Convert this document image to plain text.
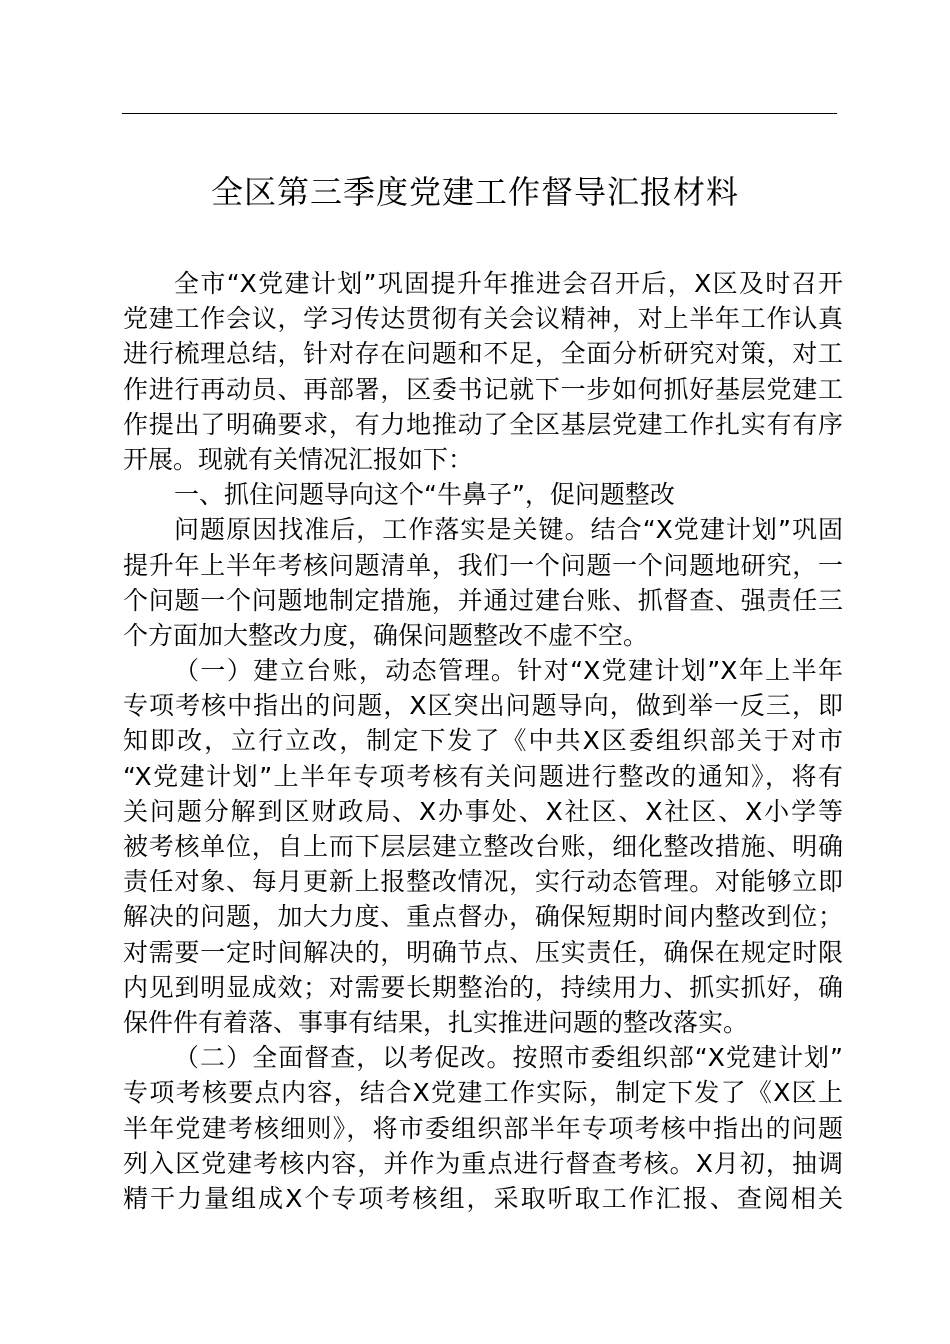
全区第三季度党建工作督导汇报材料
全市“X党建计划”巩固提升年推进会召开后，X区及时召开
党建工作会议，学习传达贯彻有关会议精神，对上半年工作认真
进行梳理总结，针对存在问题和不足，全面分析研究对策，对工
作进行再动员、再部署，区委书记就下一步如何抓好基层党建工
作提出了明确要求，有力地推动了全区基层党建工作扎实有有序
开展。现就有关情况汇报如下：
一、抓住问题导向这个“牛鼻子”，促问题整改
问题原因找准后，工作落实是关键。结合“X党建计划”巩固
提升年上半年考核问题清单，我们一个问题一个问题地研究，一
个问题一个问题地制定措施，并通过建台账、抓督查、强责任三
个方面加大整改力度，确保问题整改不虚不空。
（一）建立台账，动态管理。针对“X党建计划”X年上半年
专项考核中指出的问题，X区突出问题导向，做到举一反三，即
知即改，立行立改，制定下发了《中共X区委组织部关于对市
“X党建计划”上半年专项考核有关问题进行整改的通知》，将有
关问题分解到区财政局、X办事处、X社区、X社区、X小学等
被考核单位，自上而下层层建立整改台账，细化整改措施、明确
责任对象、每月更新上报整改情况，实行动态管理。对能够立即
解决的问题，加大力度、重点督办，确保短期时间内整改到位；
对需要一定时间解决的，明确节点、压实责任，确保在规定时限
内见到明显成效；对需要长期整治的，持续用力、抓实抓好，确
保件件有着落、事事有结果，扎实推进问题的整改落实。
（二）全面督查，以考促改。按照市委组织部“X党建计划”
专项考核要点内容，结合X党建工作实际，制定下发了《X区上
半年党建考核细则》，将市委组织部半年专项考核中指出的问题
列入区党建考核内容，并作为重点进行督查考核。X月初，抽调
精干力量组成X个专项考核组，采取听取工作汇报、查阅相关
